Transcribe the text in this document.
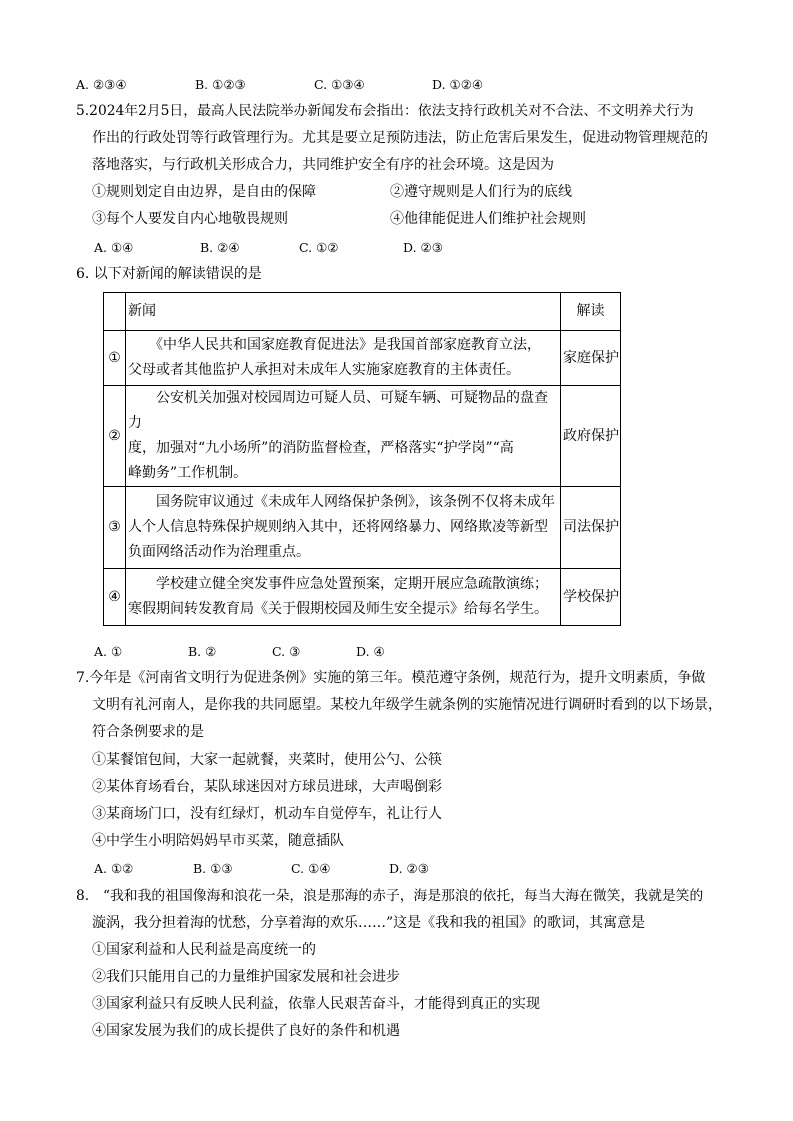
A. ②③④	B. ①②③	C. ①③④	D. ①②④
5.2024年2月5日，最高人民法院举办新闻发布会指出：依法支持行政机关对不合法、不文明养犬行为
作出的行政处罚等行政管理行为。尤其是要立足预防违法，防止危害后果发生，促进动物管理规范的
落地落实，与行政机关形成合力，共同维护安全有序的社会环境。这是因为
①规则划定自由边界，是自由的保障	②遵守规则是人们行为的底线
③每个人要发自内心地敬畏规则	④他律能促进人们维护社会规则
A. ①④	B. ②④	C. ①②	D. ②③
6. 以下对新闻的解读错误的是
	新闻	解读
①	　　《中华人民共和国家庭教育促进法》是我国首部家庭教育立法，
父母或者其他监护人承担对未成年人实施家庭教育的主体责任。	家庭保护
②	　　公安机关加强对校园周边可疑人员、可疑车辆、可疑物品的盘查力
度，加强对“九小场所”的消防监督检查，严格落实“护学岗”“高
峰勤务”工作机制。	政府保护
③	　　国务院审议通过《未成年人网络保护条例》，该条例不仅将未成年
人个人信息特殊保护规则纳入其中，还将网络暴力、网络欺凌等新型
负面网络活动作为治理重点。	司法保护
④	　　学校建立健全突发事件应急处置预案，定期开展应急疏散演练；
寒假期间转发教育局《关于假期校园及师生安全提示》给每名学生。	学校保护
A. ①	B. ②	C. ③	D. ④
7.今年是《河南省文明行为促进条例》实施的第三年。模范遵守条例，规范行为，提升文明素质，争做
文明有礼河南人，是你我的共同愿望。某校九年级学生就条例的实施情况进行调研时看到的以下场景，
符合条例要求的是
①某餐馆包间，大家一起就餐，夹菜时，使用公勺、公筷
②某体育场看台，某队球迷因对方球员进球，大声喝倒彩
③某商场门口，没有红绿灯，机动车自觉停车，礼让行人
④中学生小明陪妈妈早市买菜，随意插队
A. ①②	B. ①③	C. ①④	D. ②③
8.　“我和我的祖国像海和浪花一朵，浪是那海的赤子，海是那浪的依托，每当大海在微笑，我就是笑的
漩涡，我分担着海的忧愁，分享着海的欢乐……”这是《我和我的祖国》的歌词，其寓意是
①国家利益和人民利益是高度统一的
②我们只能用自己的力量维护国家发展和社会进步
③国家利益只有反映人民利益，依靠人民艰苦奋斗，才能得到真正的实现
④国家发展为我们的成长提供了良好的条件和机遇
